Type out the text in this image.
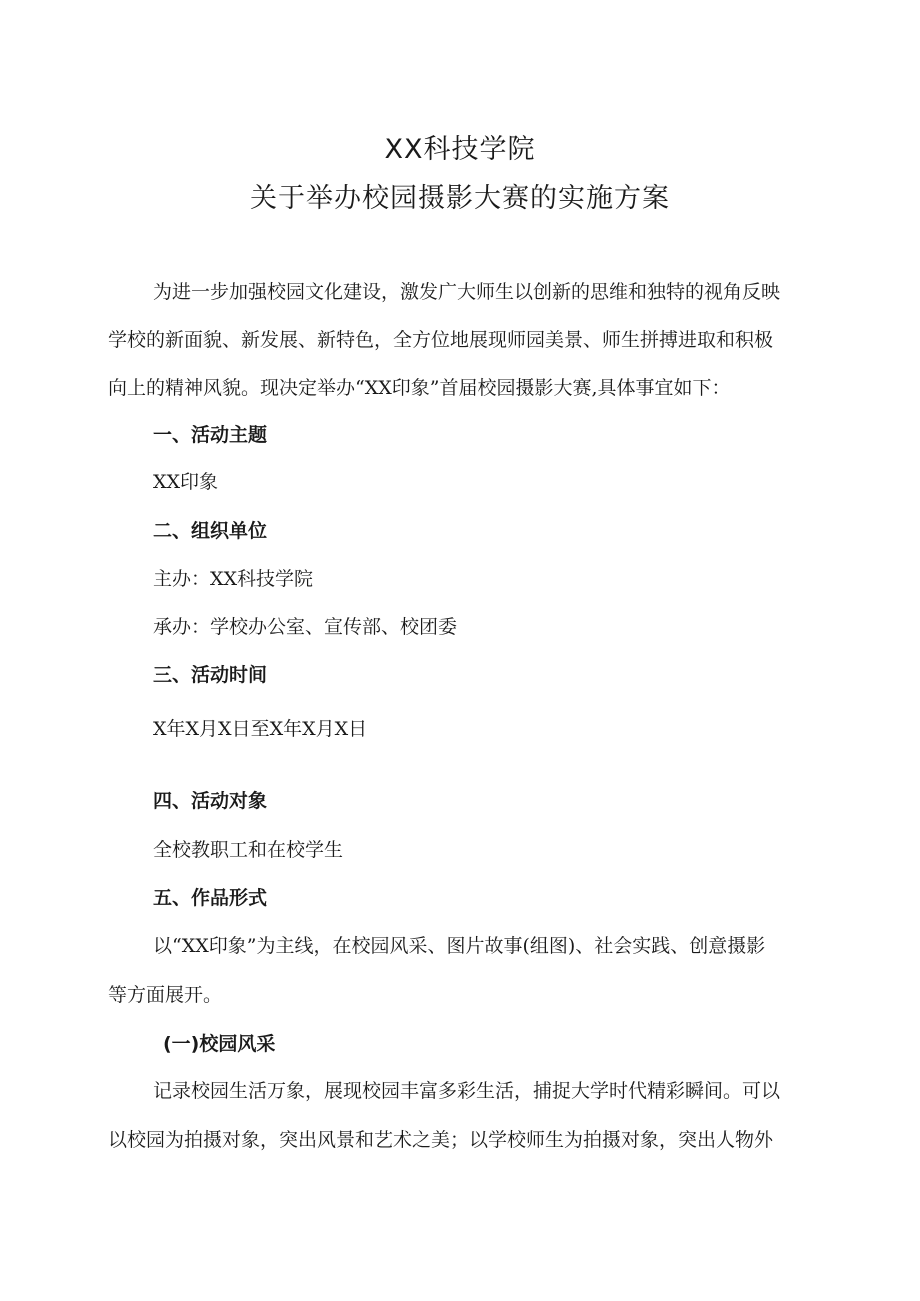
XX科技学院
关于举办校园摄影大赛的实施方案
为进一步加强校园文化建设，激发广大师生以创新的思维和独特的视角反映
学校的新面貌、新发展、新特色，全方位地展现师园美景、师生拼搏进取和积极
向上的精神风貌。现决定举办“XX印象”首届校园摄影大赛,具体事宜如下：
一、活动主题
XX印象
二、组织单位
主办：XX科技学院
承办：学校办公室、宣传部、校团委
三、活动时间
X年X月X日至X年X月X日
四、活动对象
全校教职工和在校学生
五、作品形式
以“XX印象”为主线，在校园风采、图片故事(组图)、社会实践、创意摄影
等方面展开。
(一)校园风采
记录校园生活万象，展现校园丰富多彩生活，捕捉大学时代精彩瞬间。可以
以校园为拍摄对象，突出风景和艺术之美；以学校师生为拍摄对象，突出人物外
